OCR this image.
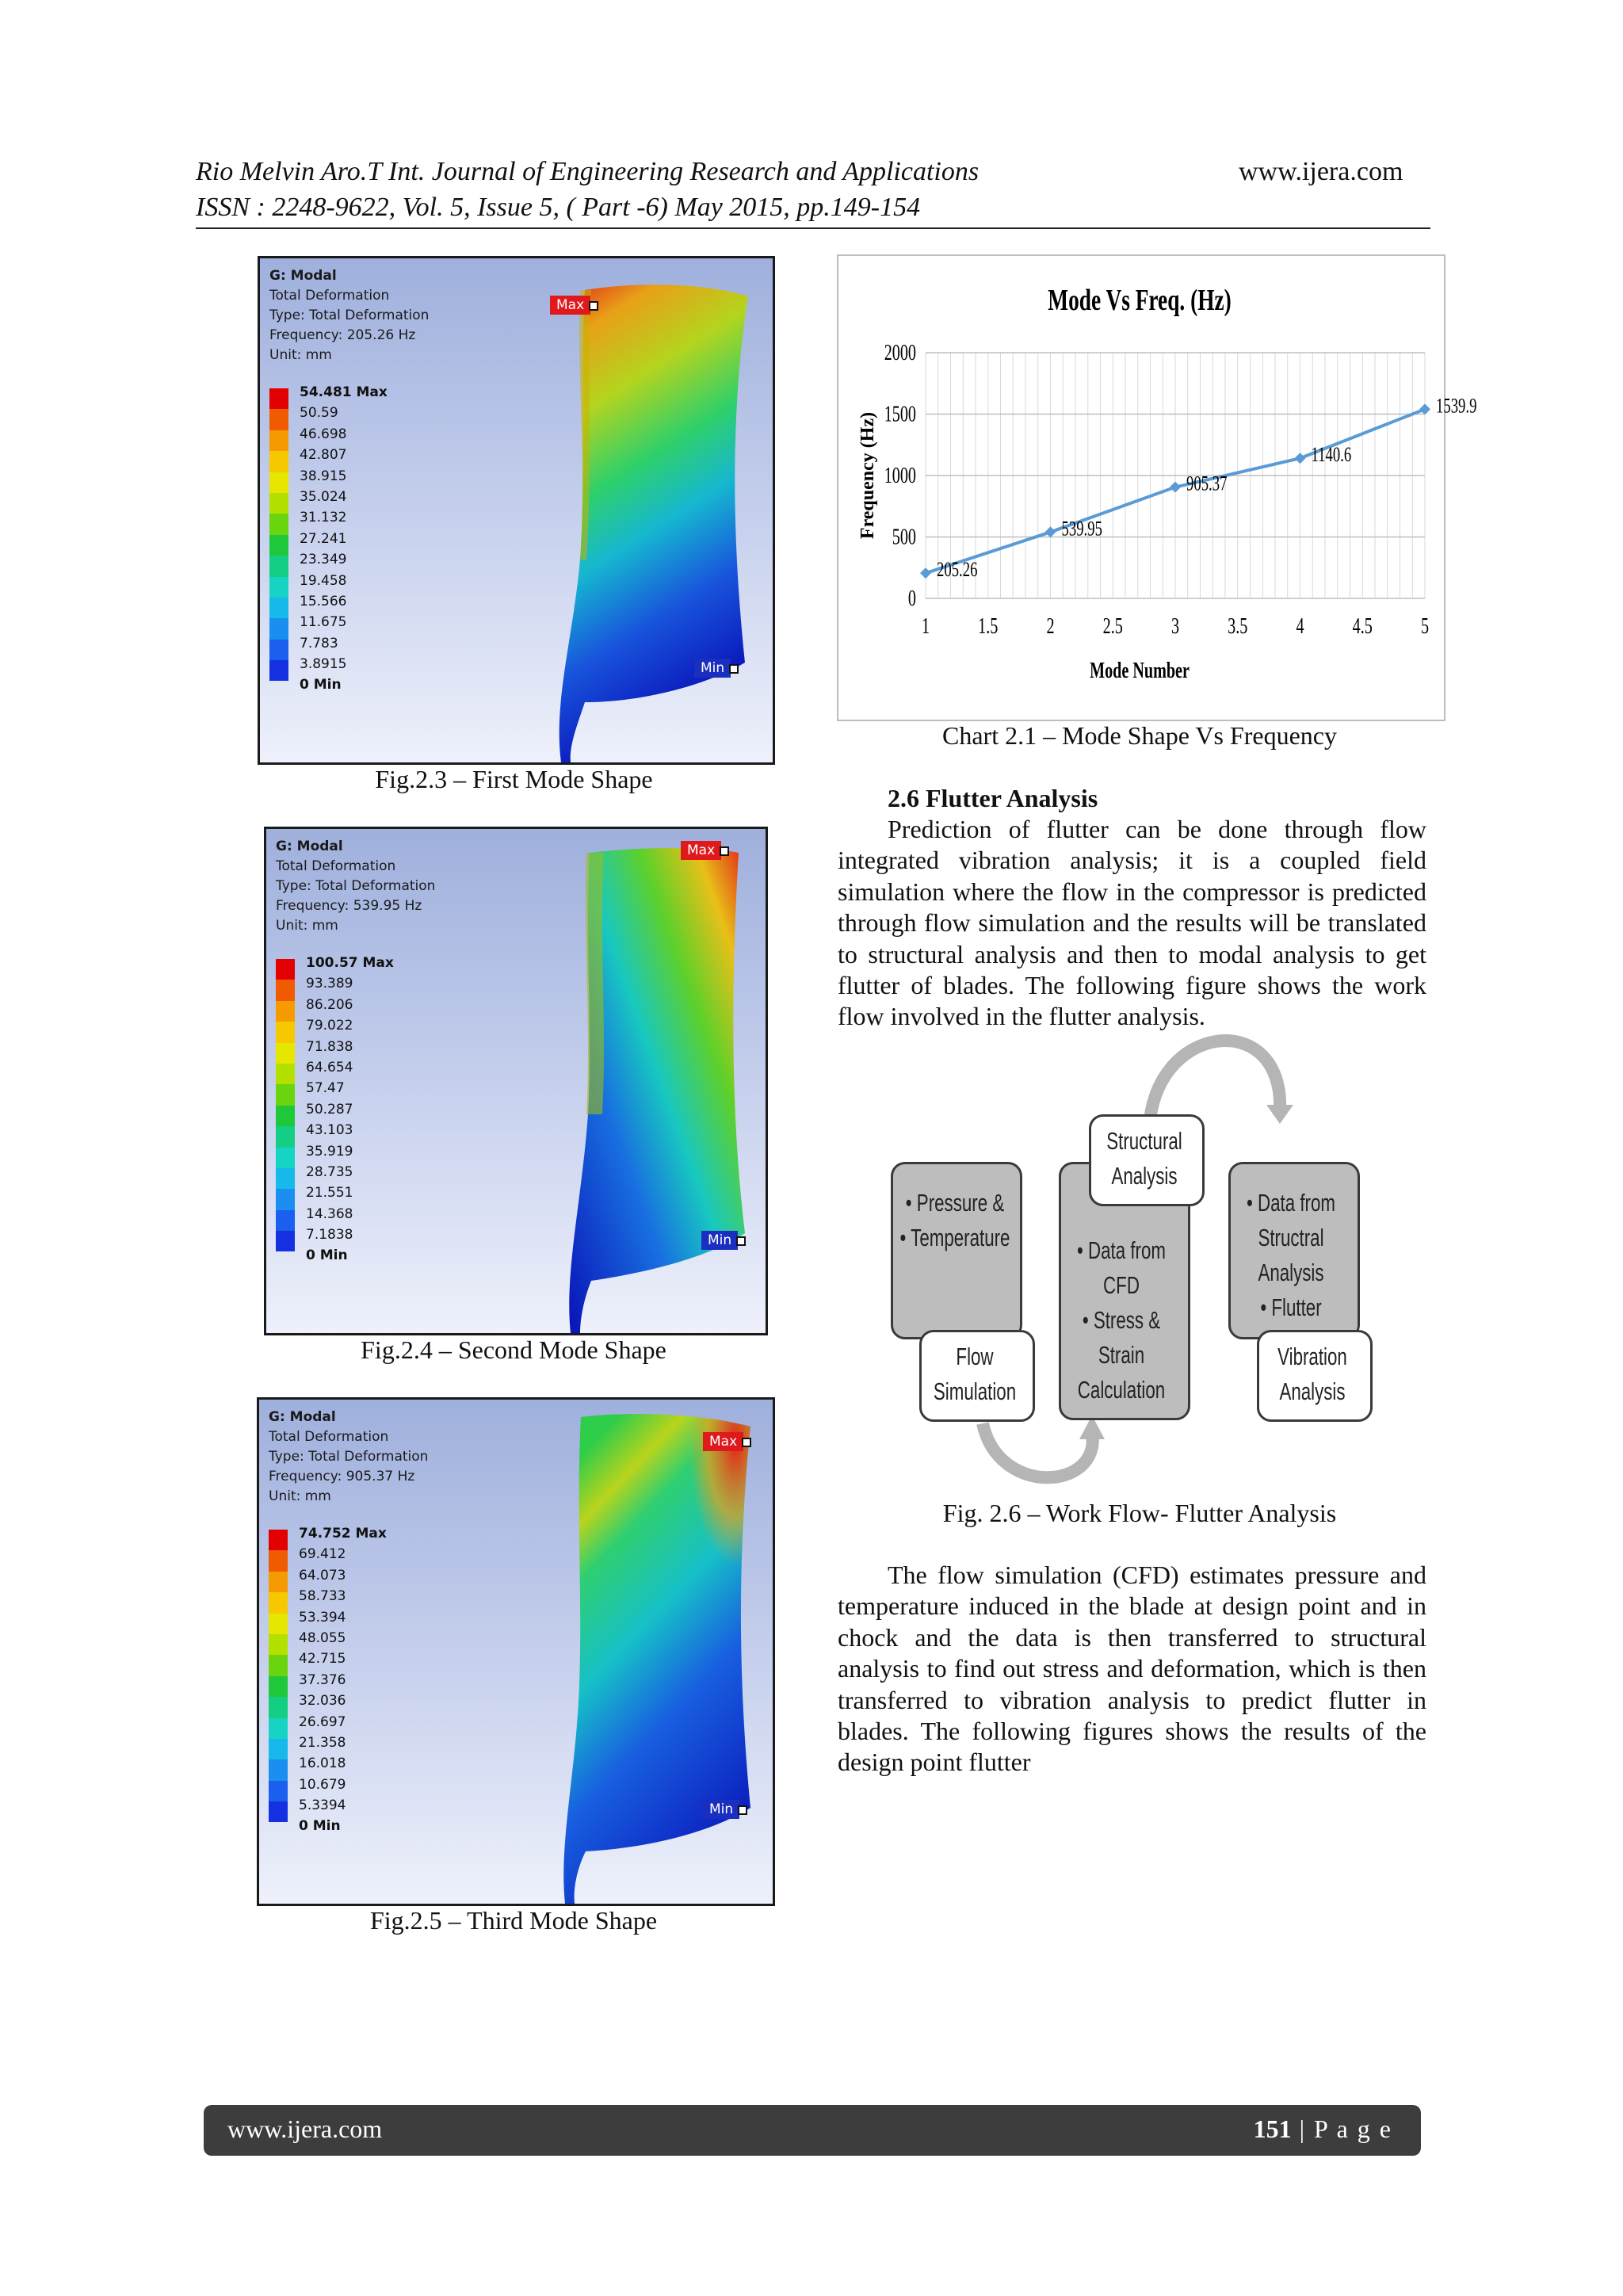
Rio Melvin Aro.T Int. Journal of Engineering Research and Applications	www.ijera.com
ISSN : 2248-9622, Vol. 5, Issue 5, ( Part -6) May 2015, pp.149-154
G: Modal
Total Deformation
Type: Total Deformation
Frequency: 205.26 Hz
Unit: mm
54.481 Max
50.59
46.698
42.807
38.915
35.024
31.132
27.241
23.349
19.458
15.566
11.675
7.783
3.8915
0 Min
Max
Min
Fig.2.3 – First Mode Shape
G: Modal
Total Deformation
Type: Total Deformation
Frequency: 539.95 Hz
Unit: mm
100.57 Max
93.389
86.206
79.022
71.838
64.654
57.47
50.287
43.103
35.919
28.735
21.551
14.368
7.1838
0 Min
Max
Min
Fig.2.4 – Second Mode Shape
G: Modal
Total Deformation
Type: Total Deformation
Frequency: 905.37 Hz
Unit: mm
74.752 Max
69.412
64.073
58.733
53.394
48.055
42.715
37.376
32.036
26.697
21.358
16.018
10.679
5.3394
0 Min
Max
Min
Fig.2.5 – Third Mode Shape
Mode Vs Freq. (Hz)
0
500
1000
1500
2000
1 1.5 2 2.5 3 3.5 4 4.5 5
Mode Number
Frequency (Hz)
205.26
539.95
905.37
1140.6
1539.9
Chart 2.1 – Mode Shape Vs Frequency
2.6 Flutter Analysis

Prediction of flutter can be done through flow integrated vibration analysis; it is a coupled field simulation where the flow in the compressor is predicted through flow simulation and the results will be translated to structural analysis and then to modal analysis to get flutter of blades. The following figure shows the work flow involved in the flutter analysis.

• Pressure &
• Temperature
Flow
Simulation
• Data from
CFD
• Stress &
Strain
Calculation
Structural
Analysis
• Data from
Structral
Analysis
• Flutter
Vibration
Analysis
Fig. 2.6 – Work Flow- Flutter Analysis

The flow simulation (CFD) estimates pressure and temperature induced in the blade at design point and in chock and the data is then transferred to structural analysis to find out stress and deformation, which is then transferred to vibration analysis to predict flutter in blades. The following figures shows the results of the design point flutter

www.ijera.com	151 | P a g e
